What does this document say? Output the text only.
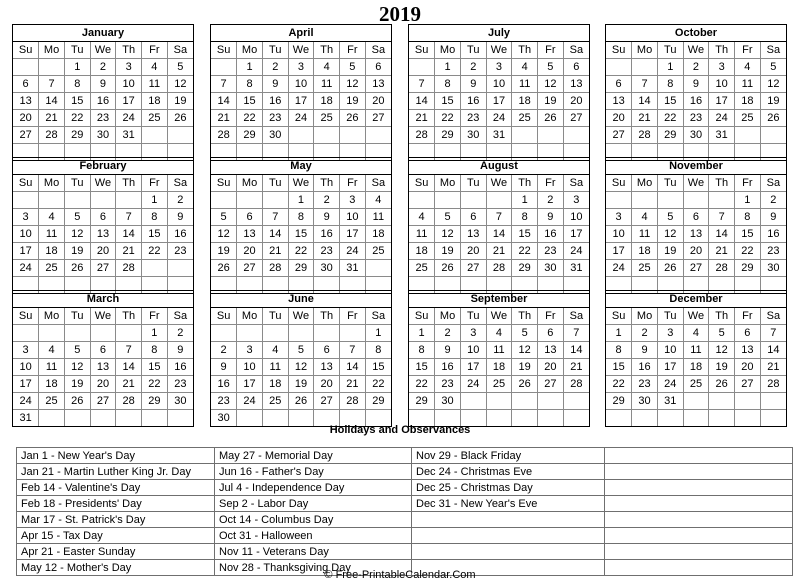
2019
January
Su	Mo	Tu	We	Th	Fr	Sa
		1	2	3	4	5
6	7	8	9	10	11	12
13	14	15	16	17	18	19
20	21	22	23	24	25	26
27	28	29	30	31		

April
Su	Mo	Tu	We	Th	Fr	Sa
	1	2	3	4	5	6
7	8	9	10	11	12	13
14	15	16	17	18	19	20
21	22	23	24	25	26	27
28	29	30				

July
Su	Mo	Tu	We	Th	Fr	Sa
	1	2	3	4	5	6
7	8	9	10	11	12	13
14	15	16	17	18	19	20
21	22	23	24	25	26	27
28	29	30	31			

October
Su	Mo	Tu	We	Th	Fr	Sa
		1	2	3	4	5
6	7	8	9	10	11	12
13	14	15	16	17	18	19
20	21	22	23	24	25	26
27	28	29	30	31		

February
Su	Mo	Tu	We	Th	Fr	Sa
					1	2
3	4	5	6	7	8	9
10	11	12	13	14	15	16
17	18	19	20	21	22	23
24	25	26	27	28		

May
Su	Mo	Tu	We	Th	Fr	Sa
			1	2	3	4
5	6	7	8	9	10	11
12	13	14	15	16	17	18
19	20	21	22	23	24	25
26	27	28	29	30	31	

August
Su	Mo	Tu	We	Th	Fr	Sa
				1	2	3
4	5	6	7	8	9	10
11	12	13	14	15	16	17
18	19	20	21	22	23	24
25	26	27	28	29	30	31

November
Su	Mo	Tu	We	Th	Fr	Sa
					1	2
3	4	5	6	7	8	9
10	11	12	13	14	15	16
17	18	19	20	21	22	23
24	25	26	27	28	29	30

March
Su	Mo	Tu	We	Th	Fr	Sa
					1	2
3	4	5	6	7	8	9
10	11	12	13	14	15	16
17	18	19	20	21	22	23
24	25	26	27	28	29	30
31						
June
Su	Mo	Tu	We	Th	Fr	Sa
						1
2	3	4	5	6	7	8
9	10	11	12	13	14	15
16	17	18	19	20	21	22
23	24	25	26	27	28	29
30						
September
Su	Mo	Tu	We	Th	Fr	Sa
1	2	3	4	5	6	7
8	9	10	11	12	13	14
15	16	17	18	19	20	21
22	23	24	25	26	27	28
29	30					

December
Su	Mo	Tu	We	Th	Fr	Sa
1	2	3	4	5	6	7
8	9	10	11	12	13	14
15	16	17	18	19	20	21
22	23	24	25	26	27	28
29	30	31				

Holidays and Observances
Jan 1 - New Year's Day	May 27 - Memorial Day	Nov 29 - Black Friday	
Jan 21 - Martin Luther King Jr. Day	Jun 16 - Father's Day	Dec 24 - Christmas Eve	
Feb 14 - Valentine's Day	Jul 4 - Independence Day	Dec 25 - Christmas Day	
Feb 18 - Presidents' Day	Sep 2 - Labor Day	Dec 31 - New Year's Eve	
Mar 17 - St. Patrick's Day	Oct 14 - Columbus Day		
Apr 15 - Tax Day	Oct 31 - Halloween		
Apr 21 - Easter Sunday	Nov 11 - Veterans Day		
May 12 - Mother's Day	Nov 28 - Thanksgiving Day		
© Free-PrintableCalendar.Com
